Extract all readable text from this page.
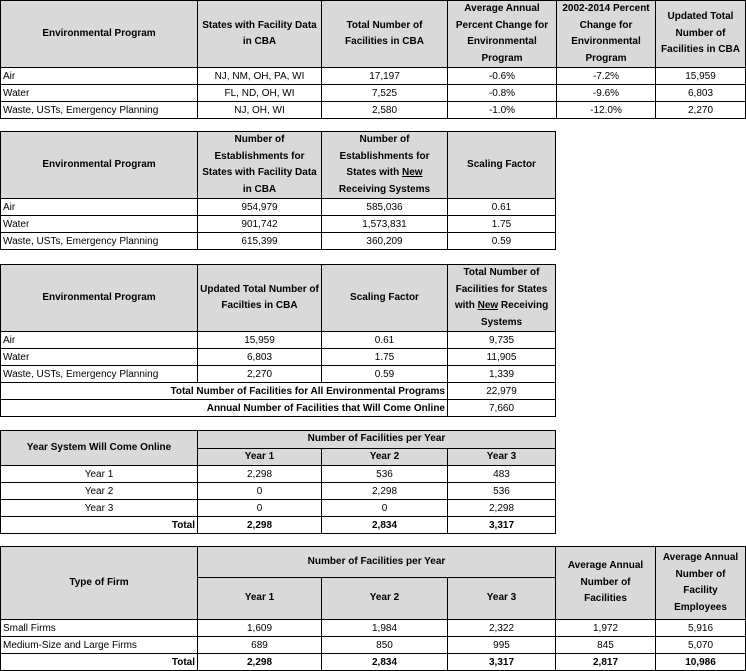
Environmental Program	States with Facility Data in CBA	Total Number of Facilities in CBA	Average Annual Percent Change for Environmental Program	2002-2014 Percent Change for Environmental Program	Updated Total Number of Facilities in CBA
Air	NJ, NM, OH, PA, WI	17,197	-0.6%	-7.2%	15,959
Water	FL, ND, OH, WI	7,525	-0.8%	-9.6%	6,803
Waste, USTs, Emergency Planning	NJ, OH, WI	2,580	-1.0%	-12.0%	2,270
Environmental Program	Number of Establishments for States with Facility Data in CBA	Number of Establishments for States with New Receiving Systems	Scaling Factor
Air	954,979	585,036	0.61
Water	901,742	1,573,831	1.75
Waste, USTs, Emergency Planning	615,399	360,209	0.59
Environmental Program	Updated Total Number of Facilties in CBA	Scaling Factor	Total Number of Facilities for States with New Receiving Systems
Air	15,959	0.61	9,735
Water	6,803	1.75	11,905
Waste, USTs, Emergency Planning	2,270	0.59	1,339
Total Number of Facilities for All Environmental Programs			22,979
Annual Number of Facilities that Will Come Online			7,660
Year System Will Come Online	Number of Facilities per Year		
	Year 1	Year 2	Year 3
Year 1	2,298	536	483
Year 2	0	2,298	536
Year 3	0	0	2,298
Total	2,298	2,834	3,317
Type of Firm	Number of Facilities per Year			Average Annual Number of Facilities	Average Annual Number of Facility Employees
	Year 1	Year 2	Year 3		
Small Firms	1,609	1,984	2,322	1,972	5,916
Medium-Size and Large Firms	689	850	995	845	5,070
Total	2,298	2,834	3,317	2,817	10,986
